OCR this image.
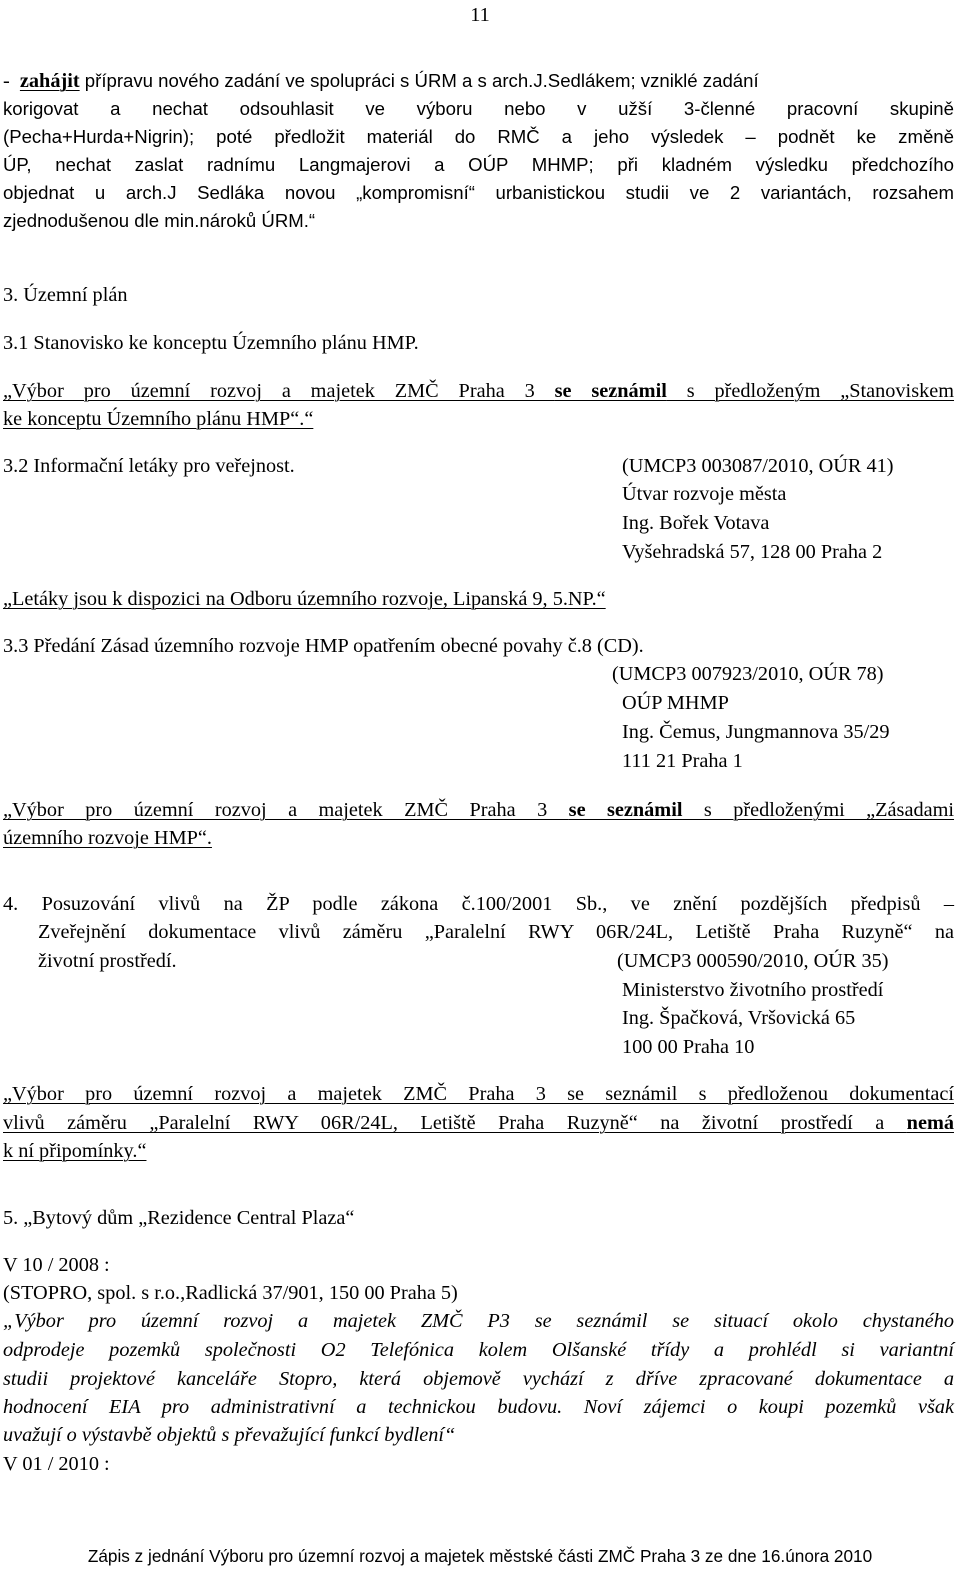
11
- zahájit přípravu nového zadání ve spolupráci s ÚRM a s arch.J.Sedlákem; vzniklé zadání
korigovat a nechat odsouhlasit ve výboru nebo v užší 3-členné pracovní skupině
(Pecha+Hurda+Nigrin); poté předložit materiál do RMČ a jeho výsledek – podnět ke změně
ÚP, nechat zaslat radnímu Langmajerovi a OÚP MHMP; při kladném výsledku předchozího
objednat u arch.J Sedláka novou „kompromisní“ urbanistickou studii ve 2 variantách, rozsahem
zjednodušenou dle min.nároků ÚRM.“
3. Územní plán
3.1 Stanovisko ke konceptu Územního plánu HMP.
„Výbor pro územní rozvoj a majetek ZMČ Praha 3 se seznámil s předloženým „Stanoviskem
ke konceptu Územního plánu HMP“.“
3.2 Informační letáky pro veřejnost.	(UMCP3 003087/2010, OÚR 41)
Útvar rozvoje města
Ing. Bořek Votava
Vyšehradská 57, 128 00 Praha 2
„Letáky jsou k dispozici na Odboru územního rozvoje, Lipanská 9, 5.NP.“
3.3 Předání Zásad územního rozvoje HMP opatřením obecné povahy č.8 (CD).
(UMCP3 007923/2010, OÚR 78)
OÚP MHMP
Ing. Čemus, Jungmannova 35/29
111 21 Praha 1
„Výbor pro územní rozvoj a majetek ZMČ Praha 3 se seznámil s předloženými „Zásadami
územního rozvoje HMP“.
4. Posuzování vlivů na ŽP podle zákona č.100/2001 Sb., ve znění pozdějších předpisů –
Zveřejnění dokumentace vlivů záměru „Paralelní RWY 06R/24L, Letiště Praha Ruzyně“ na
životní prostředí.	(UMCP3 000590/2010, OÚR 35)
Ministerstvo životního prostředí
Ing. Špačková, Vršovická 65
100 00 Praha 10
„Výbor pro územní rozvoj a majetek ZMČ Praha 3 se seznámil s předloženou dokumentací
vlivů záměru „Paralelní RWY 06R/24L, Letiště Praha Ruzyně“ na životní prostředí a nemá
k ní připomínky.“
5. „Bytový dům „Rezidence Central Plaza“
V 10 / 2008 :
(STOPRO, spol. s r.o.,Radlická 37/901, 150 00 Praha 5)
„Výbor pro územní rozvoj a majetek ZMČ P3 se seznámil se situací okolo chystaného
odprodeje pozemků společnosti O2 Telefónica kolem Olšanské třídy a prohlédl si variantní
studii projektové kanceláře Stopro, která objemově vychází z dříve zpracované dokumentace a
hodnocení EIA pro administrativní a technickou budovu. Noví zájemci o koupi pozemků však
uvažují o výstavbě objektů s převažující funkcí bydlení“
V 01 / 2010 :
Zápis z jednání Výboru pro územní rozvoj a majetek městské části ZMČ Praha 3 ze dne 16.února 2010
